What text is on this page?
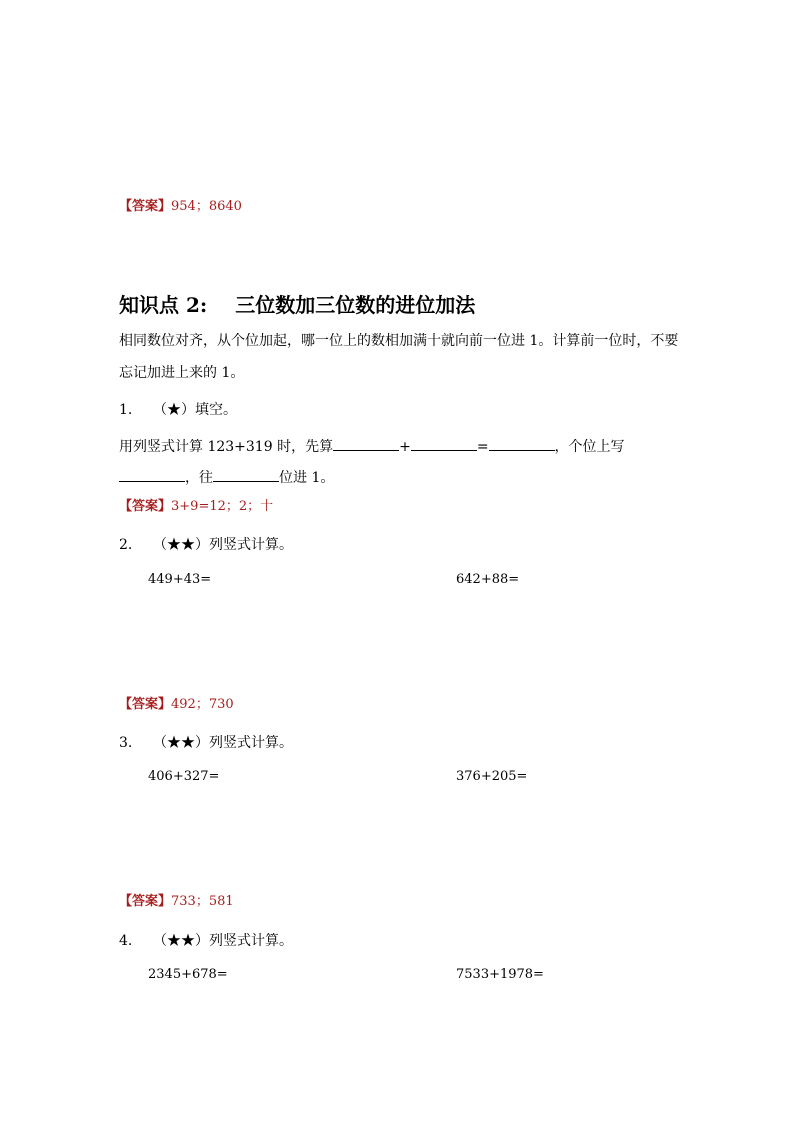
【答案】954；8640
知识点 2: 三位数加三位数的进位加法
相同数位对齐，从个位加起，哪一位上的数相加满十就向前一位进 1。计算前一位时，不要
忘记加进上来的 1。
1. （★）填空。
用列竖式计算 123+319 时，先算	+	=	，个位上写
，往	位进 1。
【答案】3+9=12；2；十
2. （★★）列竖式计算。
449+43=	642+88=
【答案】492；730
3. （★★）列竖式计算。
406+327=	376+205=
【答案】733；581
4. （★★）列竖式计算。
2345+678=	7533+1978=
